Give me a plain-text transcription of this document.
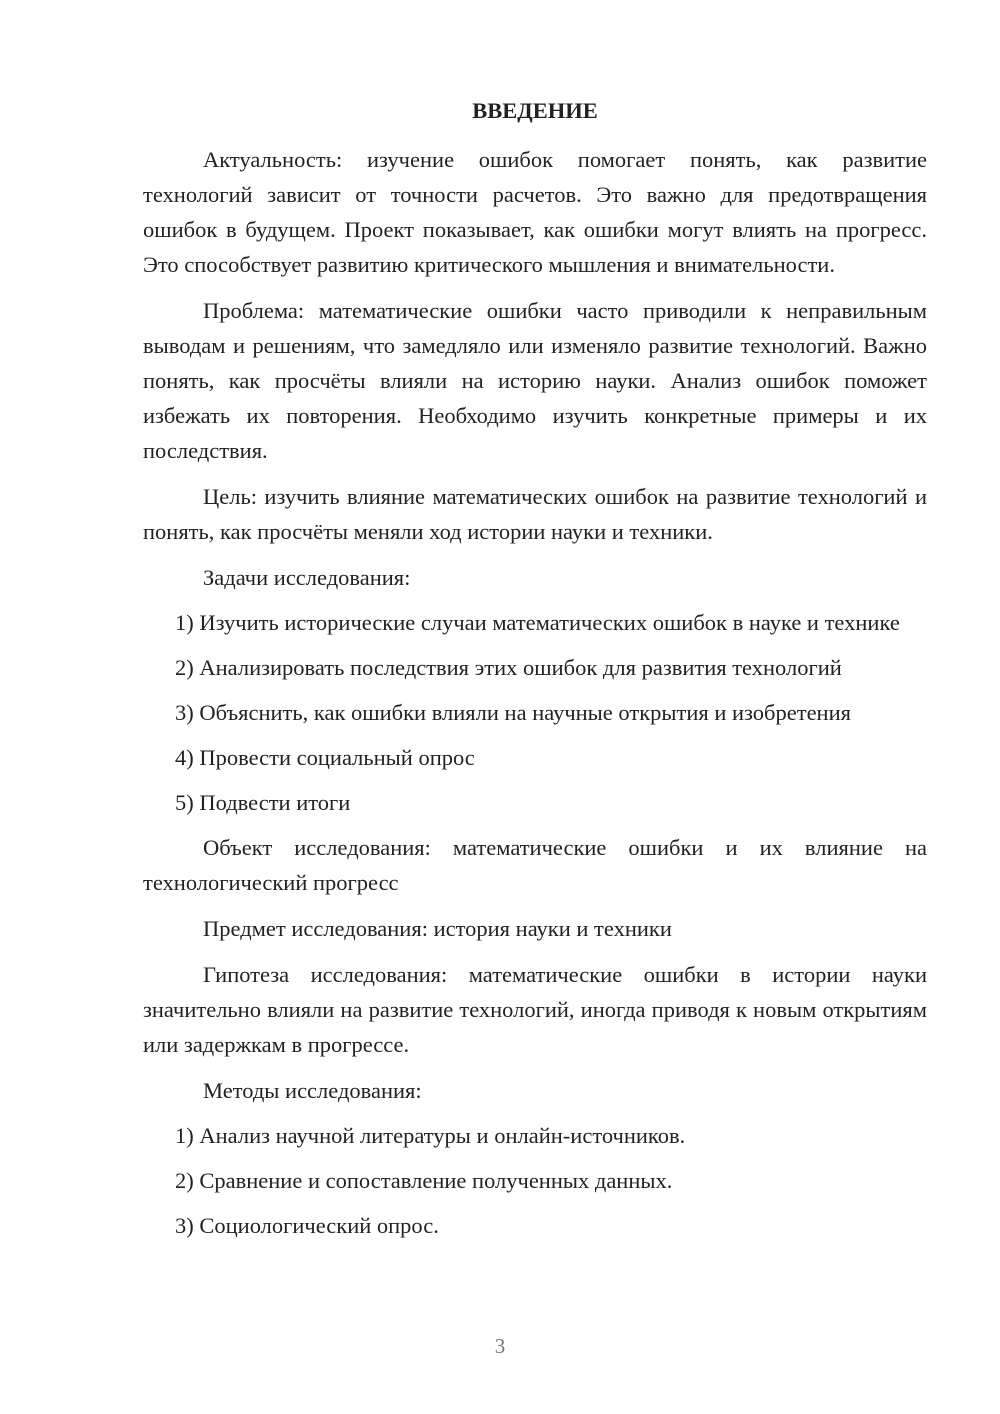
ВВЕДЕНИЕ
Актуальность: изучение ошибок помогает понять, как развитие технологий зависит от точности расчетов. Это важно для предотвращения ошибок в будущем. Проект показывает, как ошибки могут влиять на прогресс. Это способствует развитию критического мышления и внимательности.
Проблема: математические ошибки часто приводили к неправильным выводам и решениям, что замедляло или изменяло развитие технологий. Важно понять, как просчёты влияли на историю науки. Анализ ошибок поможет избежать их повторения. Необходимо изучить конкретные примеры и их последствия.
Цель: изучить влияние математических ошибок на развитие технологий и понять, как просчёты меняли ход истории науки и техники.
Задачи исследования:
1) Изучить исторические случаи математических ошибок в науке и технике
2) Анализировать последствия этих ошибок для развития технологий
3) Объяснить, как ошибки влияли на научные открытия и изобретения
4) Провести социальный опрос
5) Подвести итоги
Объект исследования: математические ошибки и их влияние на технологический прогресс
Предмет исследования: история науки и техники
Гипотеза исследования: математические ошибки в истории науки значительно влияли на развитие технологий, иногда приводя к новым открытиям или задержкам в прогрессе.
Методы исследования:
1) Анализ научной литературы и онлайн-источников.
2) Сравнение и сопоставление полученных данных.
3) Социологический опрос.
3
